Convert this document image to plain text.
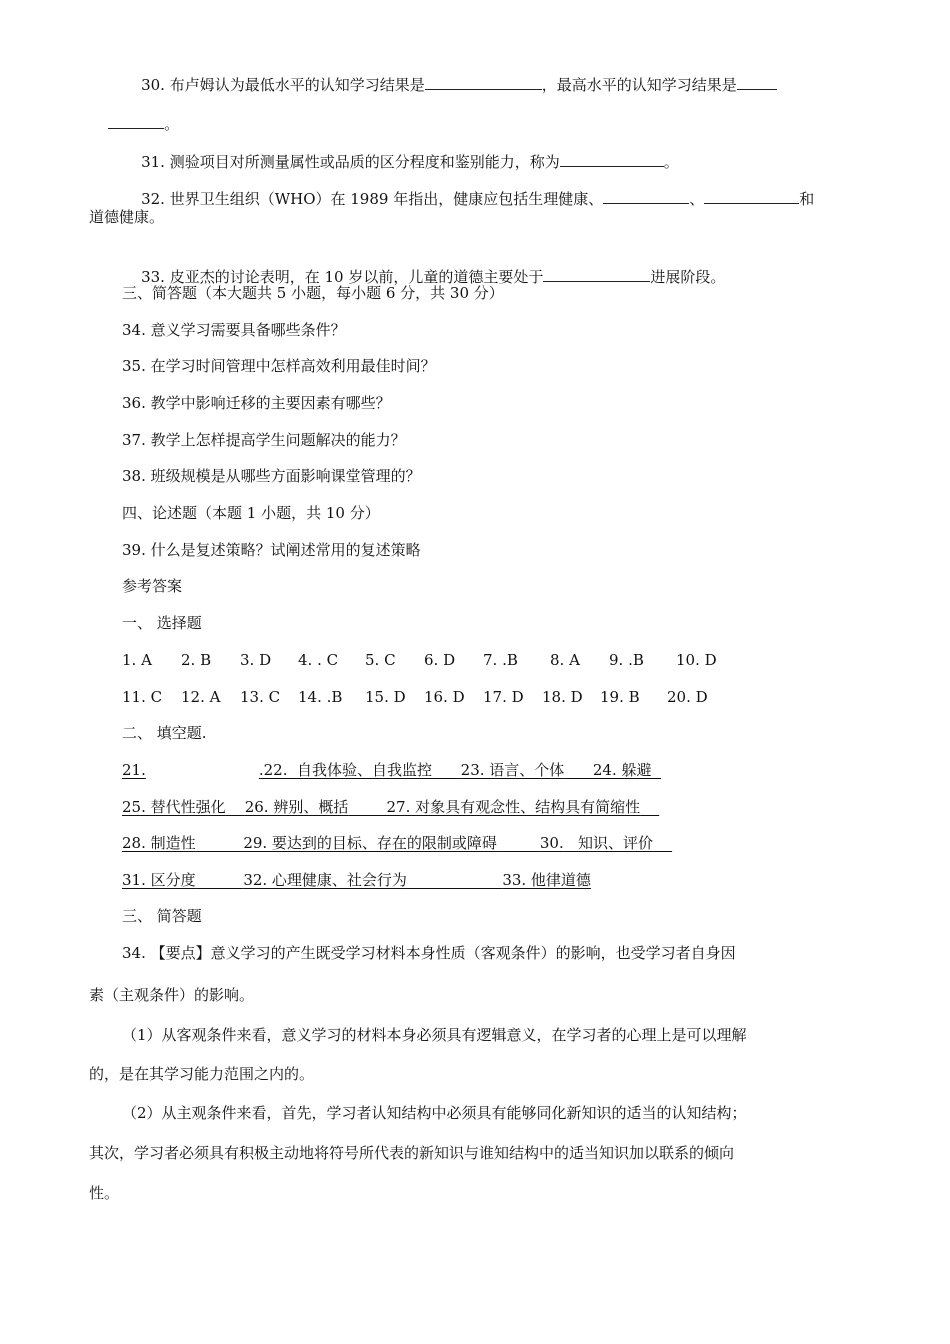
30. 布卢姆认为最低水平的认知学习结果是	，最高水平的认知学习结果是

。

31. 测验项目对所测量属性或品质的区分程度和鉴别能力，称为	。

32. 世界卫生组织（WHO）在 1989 年指出，健康应包括生理健康、	、	和

道德健康。

33. 皮亚杰的讨论表明，在 10 岁以前，儿童的道德主要处于	进展阶段。

三、简答题（本大题共 5 小题，每小题 6 分，共 30 分）
34. 意义学习需要具备哪些条件？
35. 在学习时间管理中怎样高效利用最佳时间？
36. 教学中影响迁移的主要因素有哪些？
37. 教学上怎样提高学生问题解决的能力？
38. 班级规模是从哪些方面影响课堂管理的？
四、论述题（本题 1 小题，共 10 分）
39. 什么是复述策略？试阐述常用的复述策略
参考答案
一、 选择题
1. A 2. B 3. D 4. . C 5. C 6. D 7. .B 8. A 9. .B 10. D
11. C 12. A 13. C 14. .B 15. D 16. D 17. D 18. D 19. B 20. D
二、 填空题.
21.	.22. 自我体验、自我监控 23. 语言、个体 24. 躲避
25. 替代性强化 26. 辨别、概括	27. 对象具有观念性、结构具有简缩性
28. 制造性	29. 要达到的目标、存在的限制或障碍	30. 知识、评价
31. 区分度	32. 心理健康、社会行为	33. 他律道德
三、 简答题
34. 【要点】意义学习的产生既受学习材料本身性质（客观条件）的影响，也受学习者自身因
素（主观条件）的影响。
（1）从客观条件来看，意义学习的材料本身必须具有逻辑意义，在学习者的心理上是可以理解
的，是在其学习能力范围之内的。
（2）从主观条件来看，首先，学习者认知结构中必须具有能够同化新知识的适当的认知结构；
其次，学习者必须具有积极主动地将符号所代表的新知识与谁知结构中的适当知识加以联系的倾向
性。
